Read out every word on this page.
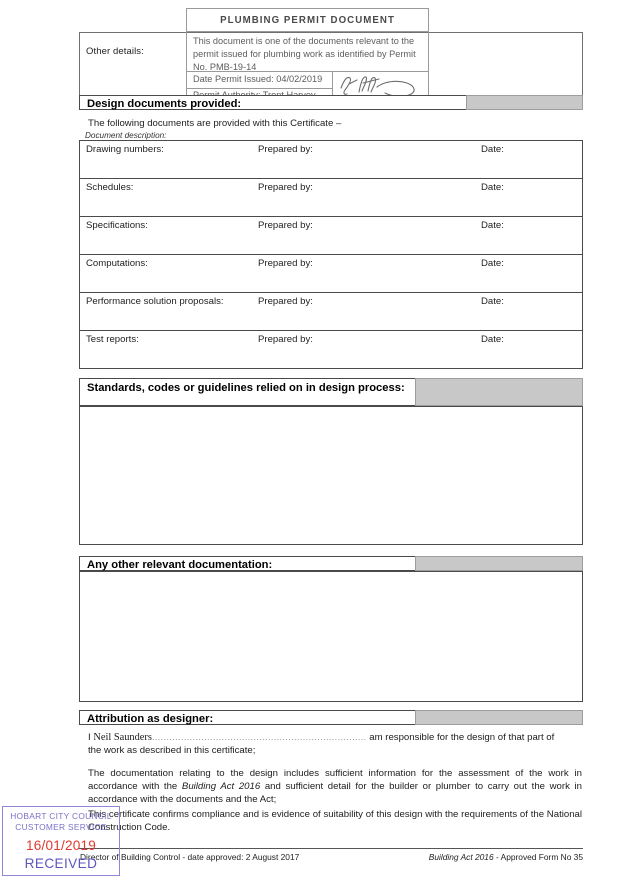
Other details:
PLUMBING PERMIT DOCUMENT
This document is one of the documents relevant to the permit issued for plumbing work as identified by Permit No. PMB-19-14
Date Permit Issued: 04/02/2019
Design documents provided:
The following documents are provided with this Certificate –
Document description:
Drawing numbers:	Prepared by:	Date:
Schedules:	Prepared by:	Date:
Specifications:	Prepared by:	Date:
Computations:	Prepared by:	Date:
Performance solution proposals:	Prepared by:	Date:
Test reports:	Prepared by:	Date:
Standards, codes or guidelines relied on in design process:
Any other relevant documentation:
Attribution as designer:
I Neil Saunders.......................................................................... am responsible for the design of that part of
the work as described in this certificate;
The documentation relating to the design includes sufficient information for the assessment of the work in accordance with the Building Act 2016 and sufficient detail for the builder or plumber to carry out the work in accordance with the documents and the Act;
This certificate confirms compliance and is evidence of suitability of this design with the requirements of the National Construction Code.
HOBART CITY COUNCIL
CUSTOMER SERVICE
16/01/2019
RECEIVED
Director of Building Control - date approved: 2 August 2017	Building Act 2016 - Approved Form No 35
